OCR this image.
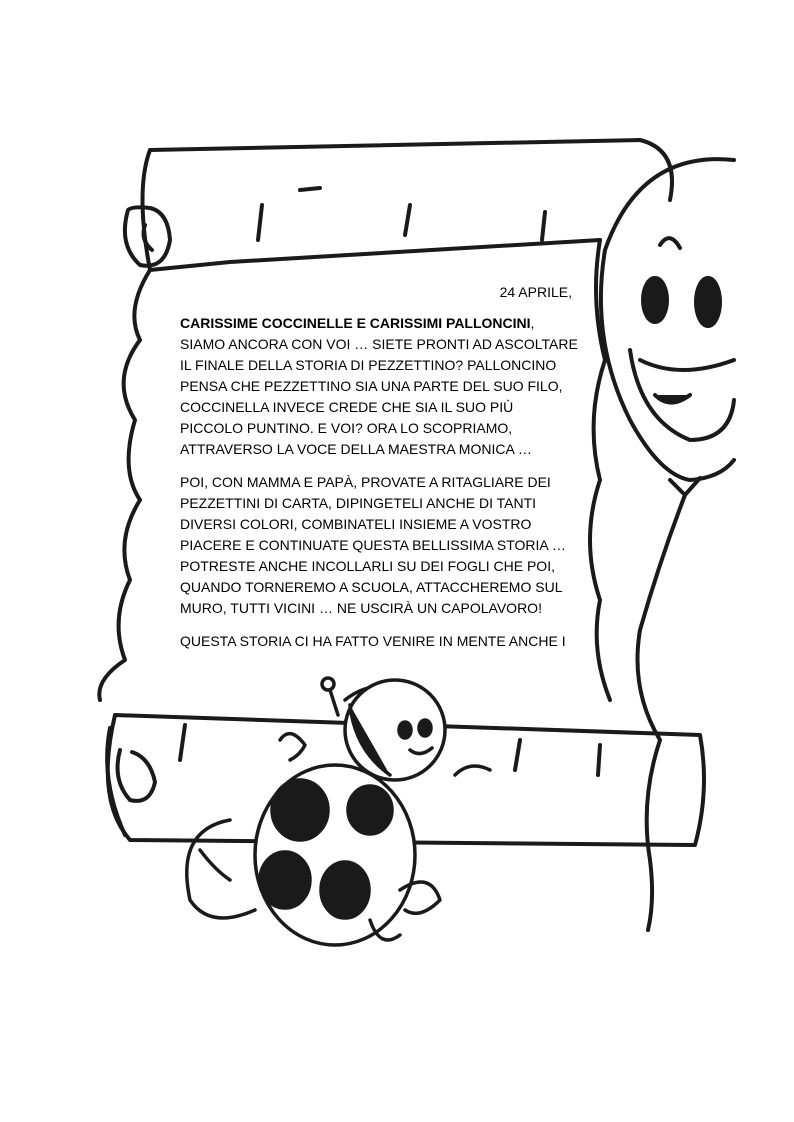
24 APRILE,

CARISSIME COCCINELLE E CARISSIMI PALLONCINI, SIAMO ANCORA CON VOI … SIETE PRONTI AD ASCOLTARE IL FINALE DELLA STORIA DI PEZZETTINO? PALLONCINO PENSA CHE PEZZETTINO SIA UNA PARTE DEL SUO FILO, COCCINELLA INVECE CREDE CHE SIA IL SUO PIÙ PICCOLO PUNTINO. E VOI? ORA LO SCOPRIAMO, ATTRAVERSO LA VOCE DELLA MAESTRA MONICA …

POI, CON MAMMA E PAPÀ, PROVATE A RITAGLIARE DEI PEZZETTINI DI CARTA, DIPINGETELI ANCHE DI TANTI DIVERSI COLORI, COMBINATELI INSIEME A VOSTRO PIACERE E CONTINUATE QUESTA BELLISSIMA STORIA … POTRESTE ANCHE INCOLLARLI SU DEI FOGLI CHE POI, QUANDO TORNEREMO A SCUOLA, ATTACCHEREMO SUL MURO, TUTTI VICINI … NE USCIRÀ UN CAPOLAVORO!

QUESTA STORIA CI HA FATTO VENIRE IN MENTE ANCHE I
